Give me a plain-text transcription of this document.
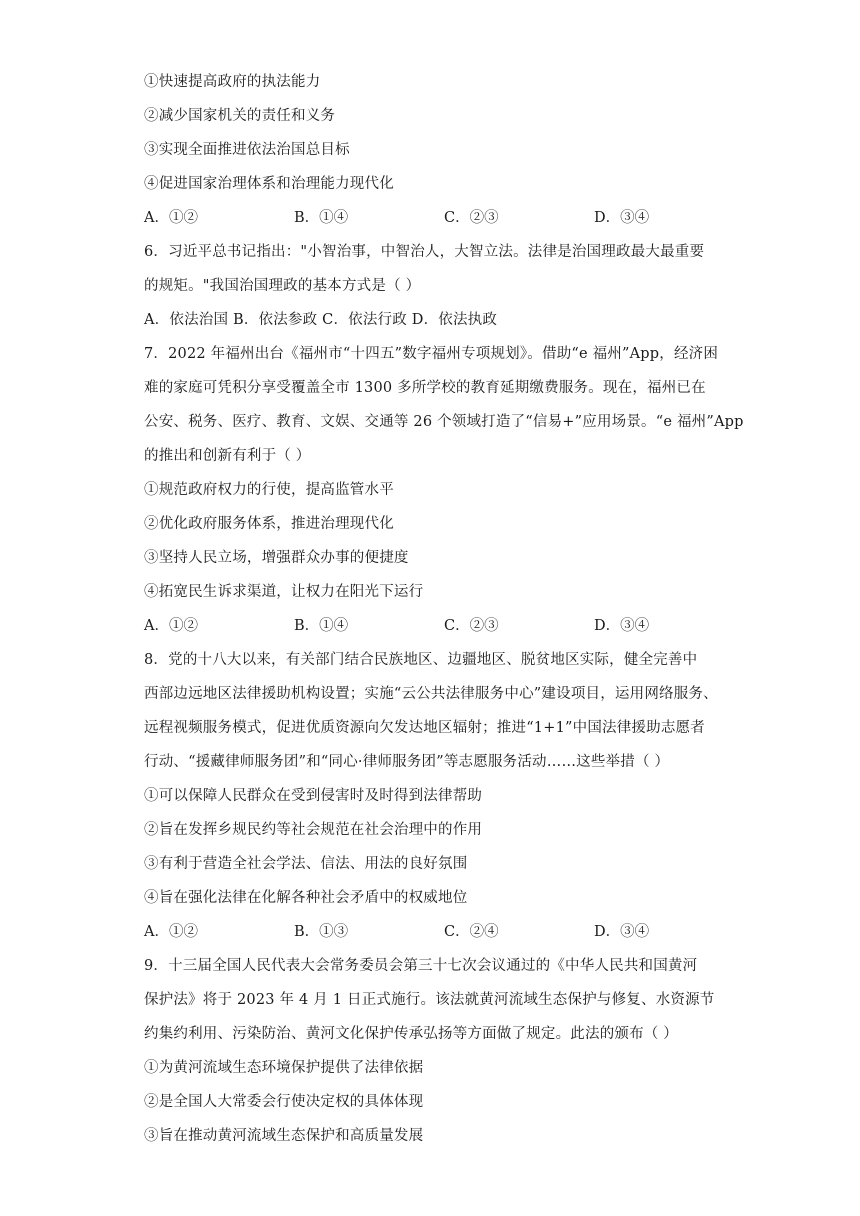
①快速提高政府的执法能力
②减少国家机关的责任和义务
③实现全面推进依法治国总目标
④促进国家治理体系和治理能力现代化
A．①②	B．①④	C．②③	D．③④
6．习近平总书记指出："小智治事，中智治人，大智立法。法律是治国理政最大最重要
的规矩。"我国治国理政的基本方式是（ ）
A．依法治国 B．依法参政 C．依法行政 D．依法执政
7．2022 年福州出台《福州市“十四五”数字福州专项规划》。借助“e 福州”App，经济困
难的家庭可凭积分享受覆盖全市 1300 多所学校的教育延期缴费服务。现在，福州已在
公安、税务、医疗、教育、文娱、交通等 26 个领域打造了“信易+”应用场景。“e 福州”App
的推出和创新有利于（ ）
①规范政府权力的行使，提高监管水平
②优化政府服务体系，推进治理现代化
③坚持人民立场，增强群众办事的便捷度
④拓宽民生诉求渠道，让权力在阳光下运行
A．①②	B．①④	C．②③	D．③④
8．党的十八大以来，有关部门结合民族地区、边疆地区、脱贫地区实际，健全完善中
西部边远地区法律援助机构设置；实施“云公共法律服务中心”建设项目，运用网络服务、
远程视频服务模式，促进优质资源向欠发达地区辐射；推进“1+1”中国法律援助志愿者
行动、“援藏律师服务团”和“同心·律师服务团”等志愿服务活动……这些举措（ ）
①可以保障人民群众在受到侵害时及时得到法律帮助
②旨在发挥乡规民约等社会规范在社会治理中的作用
③有利于营造全社会学法、信法、用法的良好氛围
④旨在强化法律在化解各种社会矛盾中的权威地位
A．①②	B．①③	C．②④	D．③④
9．十三届全国人民代表大会常务委员会第三十七次会议通过的《中华人民共和国黄河
保护法》将于 2023 年 4 月 1 日正式施行。该法就黄河流域生态保护与修复、水资源节
约集约利用、污染防治、黄河文化保护传承弘扬等方面做了规定。此法的颁布（ ）
①为黄河流域生态环境保护提供了法律依据
②是全国人大常委会行使决定权的具体体现
③旨在推动黄河流域生态保护和高质量发展
